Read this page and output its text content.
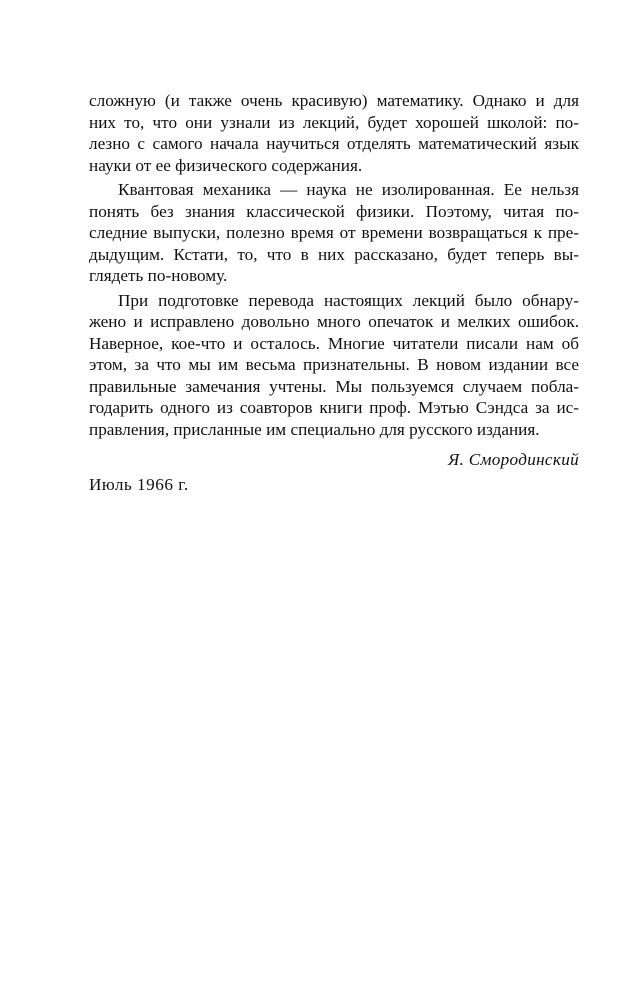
сложную (и также очень красивую) математику. Однако и для
них то, что они узнали из лекций, будет хорошей школой: по-
лезно с самого начала научиться отделять математический язык
науки от ее физического содержания.
Квантовая механика — наука не изолированная. Ее нельзя
понять без знания классической физики. Поэтому, читая по-
следние выпуски, полезно время от времени возвращаться к пре-
дыдущим. Кстати, то, что в них рассказано, будет теперь вы-
глядеть по-новому.
При подготовке перевода настоящих лекций было обнару-
жено и исправлено довольно много опечаток и мелких ошибок.
Наверное, кое-что и осталось. Многие читатели писали нам об
этом, за что мы им весьма признательны. В новом издании все
правильные замечания учтены. Мы пользуемся случаем побла-
годарить одного из соавторов книги проф. Мэтью Сэндса за ис-
правления, присланные им специально для русского издания.
Я. Смородинский
Июль 1966 г.
